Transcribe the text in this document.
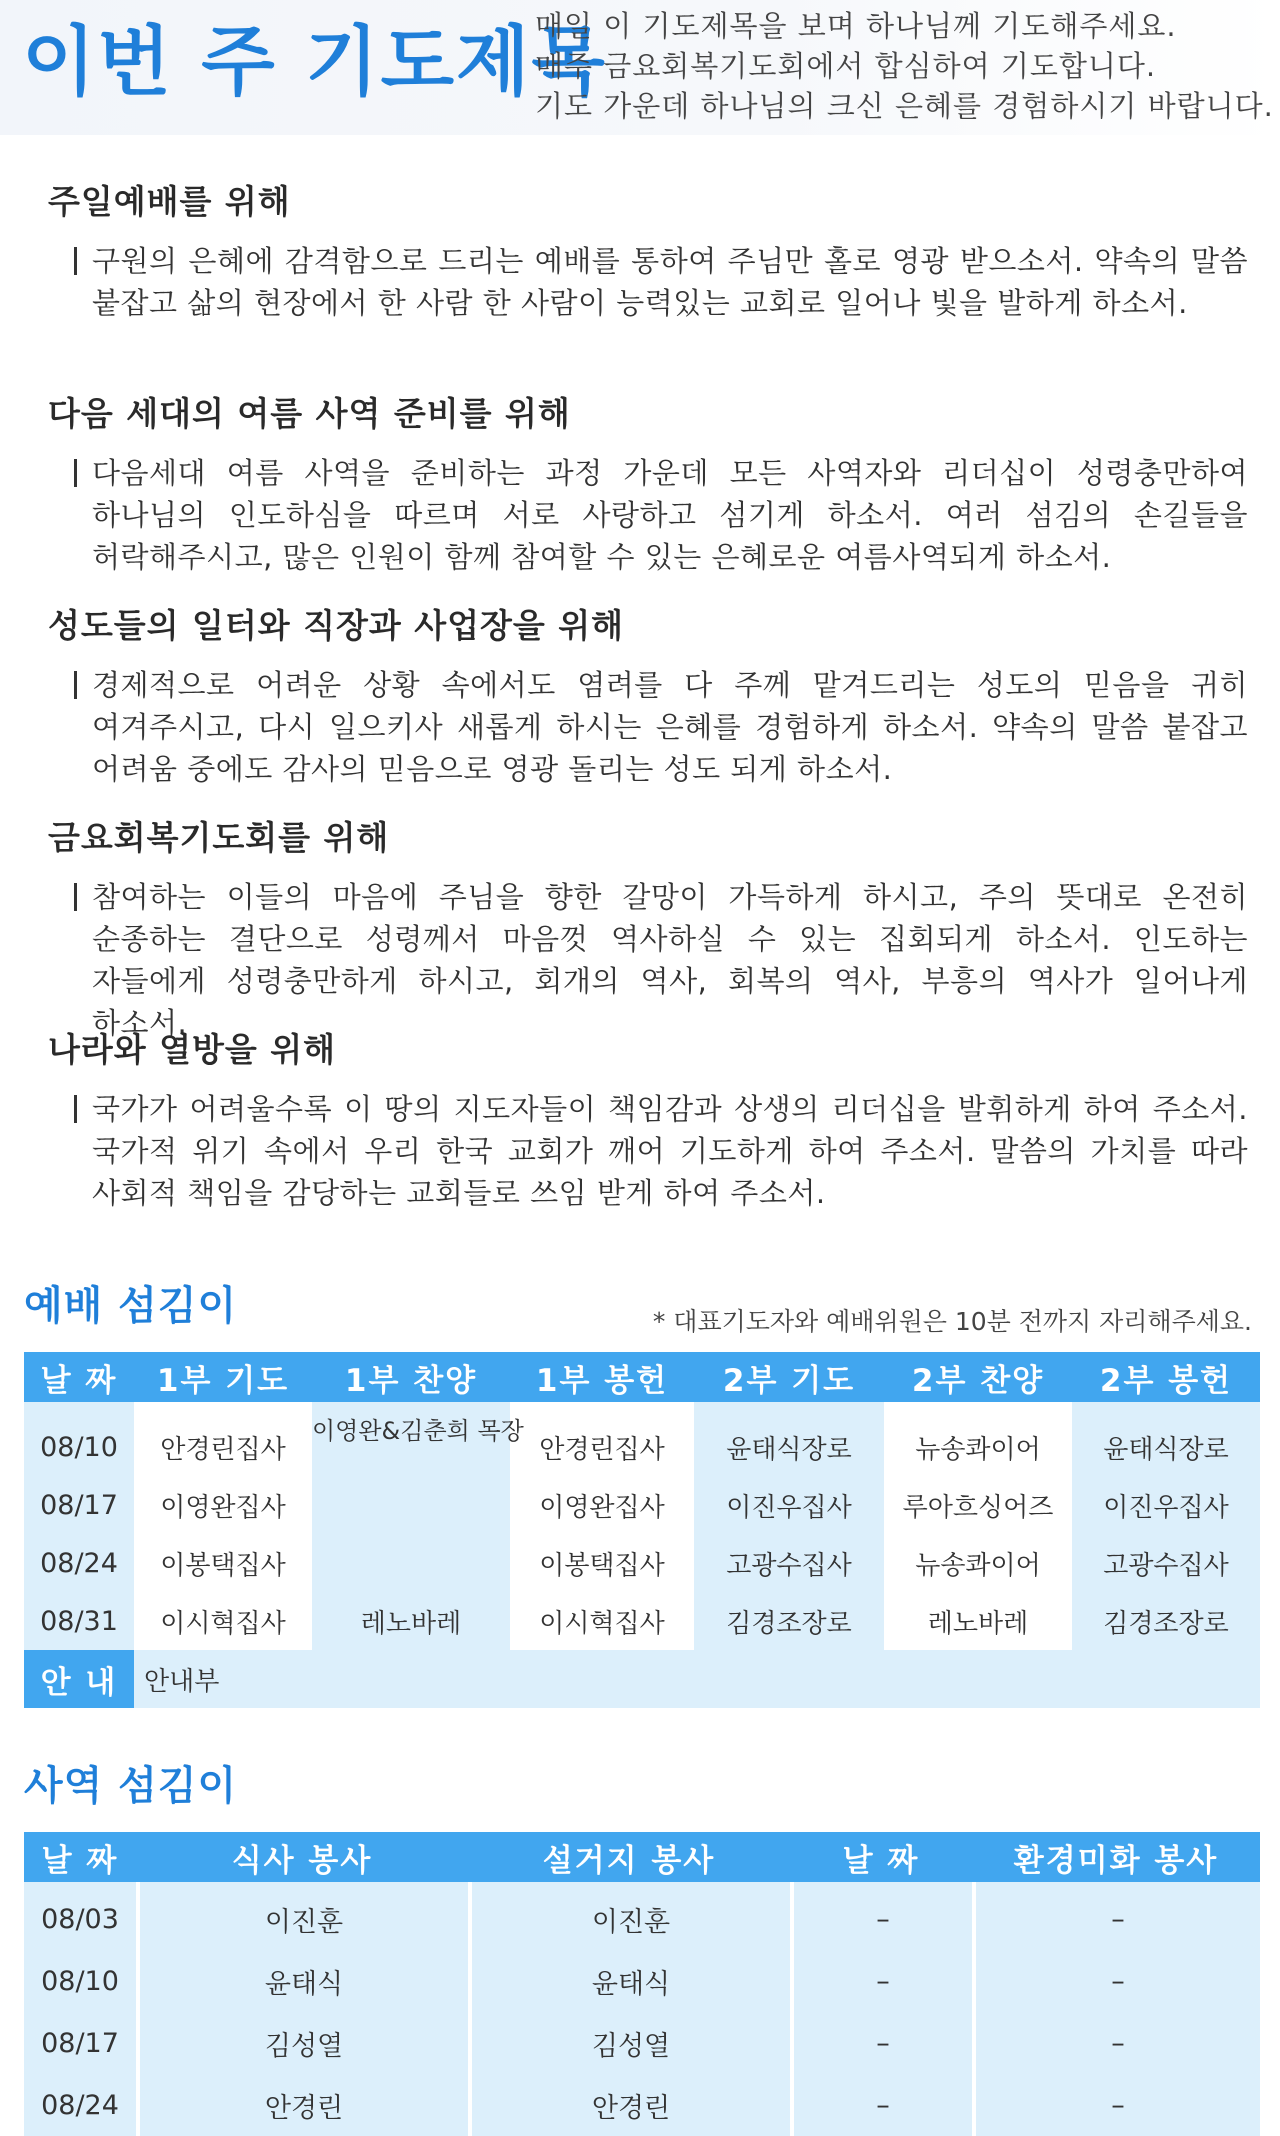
이번 주 기도제목
매일 이 기도제목을 보며 하나님께 기도해주세요.
매주 금요회복기도회에서 합심하여 기도합니다.
기도 가운데 하나님의 크신 은혜를 경험하시기 바랍니다.
주일예배를 위해
구원의 은혜에 감격함으로 드리는 예배를 통하여 주님만 홀로 영광 받으소서. 약속의 말씀 붙잡고 삶의 현장에서 한 사람 한 사람이 능력있는 교회로 일어나 빛을 발하게 하소서.
다음 세대의 여름 사역 준비를 위해
다음세대 여름 사역을 준비하는 과정 가운데 모든 사역자와 리더십이 성령충만하여 하나님의 인도하심을 따르며 서로 사랑하고 섬기게 하소서. 여러 섬김의 손길들을 허락해주시고, 많은 인원이 함께 참여할 수 있는 은혜로운 여름사역되게 하소서.
성도들의 일터와 직장과 사업장을 위해
경제적으로 어려운 상황 속에서도 염려를 다 주께 맡겨드리는 성도의 믿음을 귀히 여겨주시고, 다시 일으키사 새롭게 하시는 은혜를 경험하게 하소서. 약속의 말씀 붙잡고 어려움 중에도 감사의 믿음으로 영광 돌리는 성도 되게 하소서.
금요회복기도회를 위해
참여하는 이들의 마음에 주님을 향한 갈망이 가득하게 하시고, 주의 뜻대로 온전히 순종하는 결단으로 성령께서 마음껏 역사하실 수 있는 집회되게 하소서. 인도하는 자들에게 성령충만하게 하시고, 회개의 역사, 회복의 역사, 부흥의 역사가 일어나게 하소서.
나라와 열방을 위해
국가가 어려울수록 이 땅의 지도자들이 책임감과 상생의 리더십을 발휘하게 하여 주소서. 국가적 위기 속에서 우리 한국 교회가 깨어 기도하게 하여 주소서. 말씀의 가치를 따라 사회적 책임을 감당하는 교회들로 쓰임 받게 하여 주소서.
예배 섬김이	* 대표기도자와 예배위원은 10분 전까지 자리해주세요.
날 짜	1부 기도	1부 찬양	1부 봉헌	2부 기도	2부 찬양	2부 봉헌

08/10	안경린집사	이영완&김춘희 목장	안경린집사	윤태식장로	뉴송콰이어	윤태식장로
08/17	이영완집사		이영완집사	이진우집사	루아흐싱어즈	이진우집사
08/24	이봉택집사		이봉택집사	고광수집사	뉴송콰이어	고광수집사
08/31	이시혁집사	레노바레	이시혁집사	김경조장로	레노바레	김경조장로
안 내	안내부					
사역 섬김이
날 짜	식사 봉사	설거지 봉사	날 짜	환경미화 봉사

08/03	이진훈	이진훈	–	–
08/10	윤태식	윤태식	–	–
08/17	김성열	김성열	–	–
08/24	안경린	안경린	–	–
